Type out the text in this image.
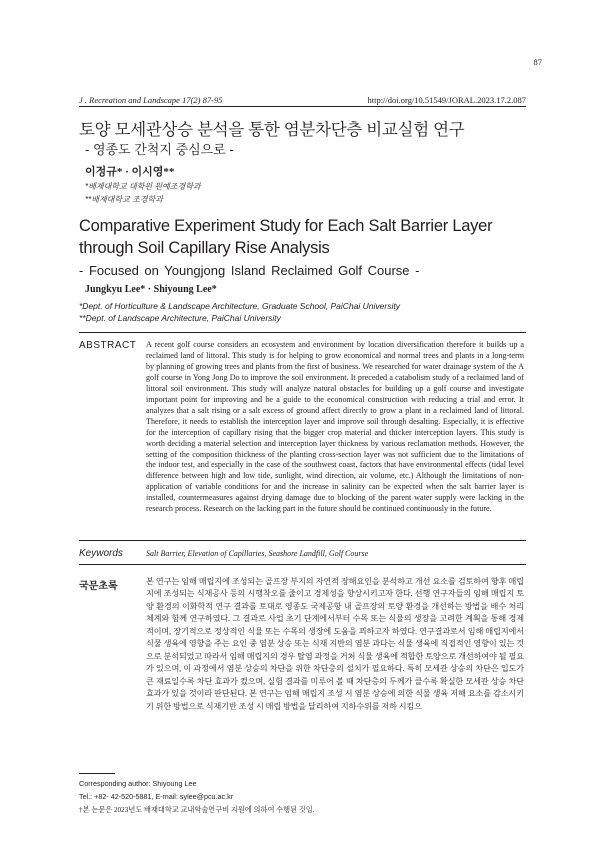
87
J . Recreation and Landscape 17(2) 87-95	http://doi.org/10.51549/JORAL.2023.17.2.087
토양 모세관상승 분석을 통한 염분차단층 비교실험 연구
- 영종도 간척지 중심으로 -
이정규* · 이시영**
*배재대학교 대학원 원예조경학과
**배재대학교 조경학과
Comparative Experiment Study for Each Salt Barrier Layer through Soil Capillary Rise Analysis
- Focused on Youngjong Island Reclaimed Golf Course -
Jungkyu Lee* · Shiyoung Lee*
*Dept. of Horticulture & Landscape Architecture, Graduate School, PaiChai University
**Dept. of Landscape Architecture, PaiChai University
ABSTRACT A recent golf course considers an ecosystem and environment by location diversification therefore it builds up a reclaimed land of littoral. This study is for helping to grow economical and normal trees and plants in a long-term by planning of growing trees and plants from the first of business. We researched for water drainage system of the A golf course in Yong Jong Do to improve the soil environment. It preceded a catabolism study of a reclaimed land of littoral soil environment. This study will analyze natural obstacles for building up a golf course and investigate important point for improving and be a guide to the economical construction with reducing a trial and error. It analyzes that a salt rising or a salt excess of ground affect directly to grow a plant in a reclaimed land of littoral. Therefore, it needs to establish the interception layer and improve soil through desalting. Especially, it is effective for the interception of capillary rising that the bigger crop material and thicker interception layers. This study is worth deciding a material selection and interception layer thickness by various reclamation methods. However, the setting of the composition thickness of the planting cross-section layer was not sufficient due to the limitations of the indoor test, and especially in the case of the southwest coast, factors that have environmental effects (tidal level difference between high and low tide, sunlight, wind direction, air volume, etc.) Although the limitations of non-application of variable conditions for and the increase in salinity can be expected when the salt barrier layer is installed, countermeasures against drying damage due to blocking of the parent water supply were lacking in the research process. Research on the lacking part in the future should be continued continuously in the future.
Keywords	Salt Barrier, Elevation of Capillaries, Seashore Landfill, Golf Course
국문초록	본 연구는 임해 매립지에 조성되는 골프장 부지의 자연적 장해요인을 분석하고 개선 요소를 검토하여 향후 매립지에 조성되는 식재공사 등의 시행착오를 줄이고 경제성을 향상시키고자 한다. 선행 연구자들의 임해 매립지 토양 환경의 이화학적 연구 결과를 토대로 영종도 국제공항 내 골프장의 토양 환경을 개선하는 방법을 배수 처리 체계와 함께 연구하였다. 그 결과로 사업 초기 단계에서부터 수목 또는 식물의 생장을 고려한 계획을 통해 경제적이며, 장기적으로 정상적인 식물 또는 수목의 생장에 도움을 꾀하고자 하였다. 연구결과로서 임해 매립지에서 식물 생육에 영향을 주는 요인 중 염분 상승 또는 식재 지반의 염분 과다는 식물 생육에 직접적인 영향이 있는 것으로 분석되었고 따라서 임해 매립지의 경우 탈염 과정을 거쳐 식물 생육에 적합한 토양으로 개선하여야 될 필요가 있으며, 이 과정에서 염분 상승의 차단을 위한 차단층의 설치가 필요하다. 특히 모세관 상승의 차단은 입도가 큰 재료일수록 차단 효과가 컸으며, 실험 결과를 미루어 볼 때 차단층의 두께가 클수록 확실한 모세관 상승 차단 효과가 있을 것이라 판단된다. 본 연구는 임해 매립지 조성 시 염분 상승에 의한 식물 생육 저해 요소를 감소시키기 위한 방법으로 식재기반 조성 시 매립 방법을 달리하여 지하수위를 저하 시킴으
Corresponding author: Shiyoung Lee
Tel.: +82- 42-520-5881, E-mail: sylee@pcu.ac.kr
†본 논문은 2023년도 배재대학교 교내학술연구비 지원에 의하여 수행된 것임.
